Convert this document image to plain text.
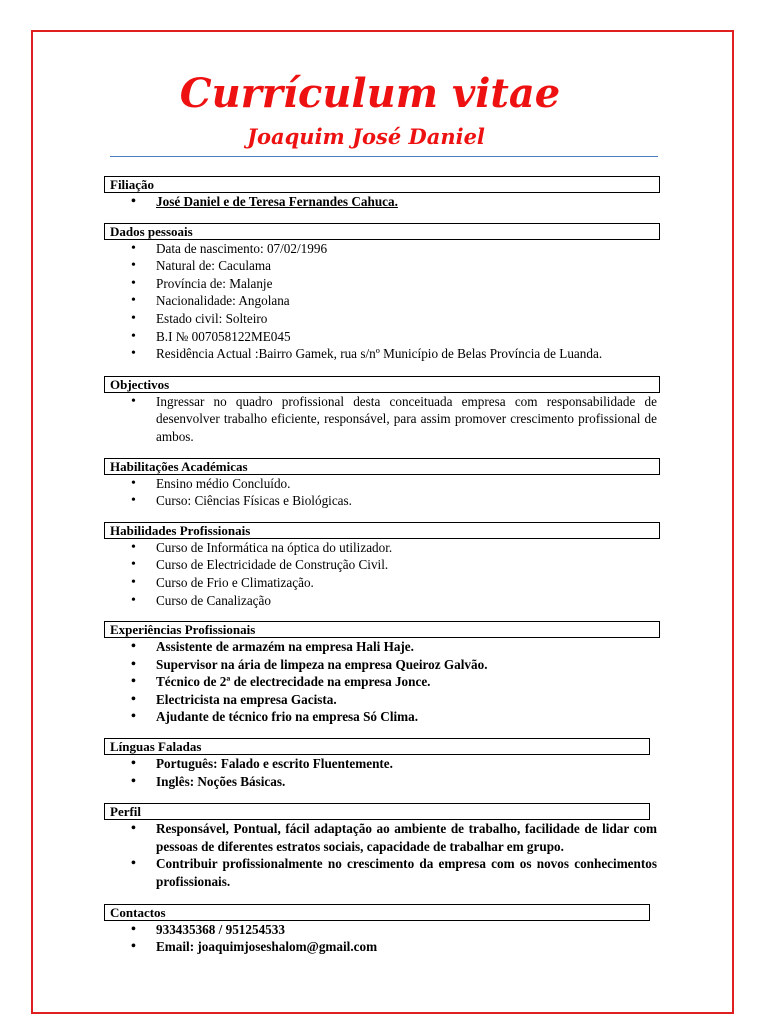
Currículum vitae
Joaquim José Daniel
Filiação
• José Daniel e de Teresa Fernandes Cahuca.
Dados pessoais
• Data de nascimento: 07/02/1996
• Natural de: Caculama
• Província de: Malanje
• Nacionalidade: Angolana
• Estado civil: Solteiro
• B.I № 007058122ME045
• Residência Actual :Bairro Gamek, rua s/nº Município de Belas Província de Luanda.
Objectivos
• Ingressar no quadro profissional desta conceituada empresa com responsabilidade de desenvolver trabalho eficiente, responsável, para assim promover crescimento profissional de ambos.
Habilitações Académicas
• Ensino médio Concluído.
• Curso: Ciências Físicas e Biológicas.
Habilidades Profissionais
• Curso de Informática na óptica do utilizador.
• Curso de Electricidade de Construção Civil.
• Curso de Frio e Climatização.
• Curso de Canalização
Experiências Profissionais
• Assistente de armazém na empresa Hali Haje.
• Supervisor na ária de limpeza na empresa Queiroz Galvão.
• Técnico de 2ª de electrecidade na empresa Jonce.
• Electricista na empresa Gacista.
• Ajudante de técnico frio na empresa Só Clima.
Línguas Faladas
• Português: Falado e escrito Fluentemente.
• Inglês: Noções Básicas.
Perfil
• Responsável, Pontual, fácil adaptação ao ambiente de trabalho, facilidade de lidar com pessoas de diferentes estratos sociais, capacidade de trabalhar em grupo.
• Contribuir profissionalmente no crescimento da empresa com os novos conhecimentos profissionais.
Contactos
• 933435368 / 951254533
• Email: joaquimjoseshalom@gmail.com
